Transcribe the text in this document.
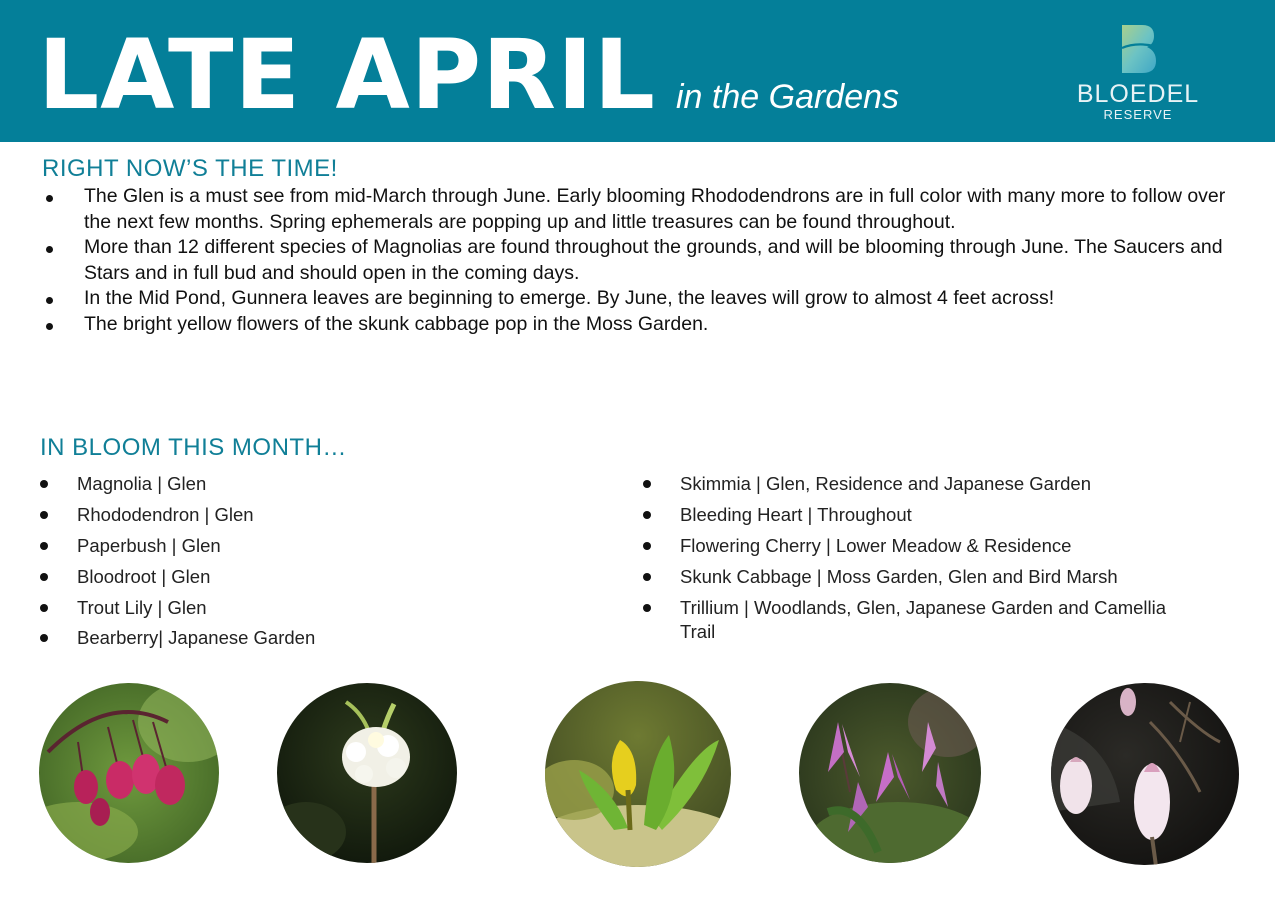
LATE APRIL in the Gardens	BLOEDEL
RESERVE
RIGHT NOW’S THE TIME!
The Glen is a must see from mid-March through June. Early blooming Rhododendrons are in full color with many more to follow over the next few months. Spring ephemerals are popping up and little treasures can be found throughout.
More than 12 different species of Magnolias are found throughout the grounds, and will be blooming through June. The Saucers and Stars and in full bud and should open in the coming days.
In the Mid Pond, Gunnera leaves are beginning to emerge. By June, the leaves will grow to almost 4 feet across!
The bright yellow flowers of the skunk cabbage pop in the Moss Garden.
IN BLOOM THIS MONTH…
Magnolia | Glen
Rhododendron | Glen
Paperbush | Glen
Bloodroot | Glen
Trout Lily | Glen
Bearberry| Japanese Garden
Skimmia | Glen, Residence and Japanese Garden
Bleeding Heart | Throughout
Flowering Cherry | Lower Meadow & Residence
Skunk Cabbage | Moss Garden, Glen and Bird Marsh
Trillium | Woodlands, Glen, Japanese Garden and Camellia Trail
